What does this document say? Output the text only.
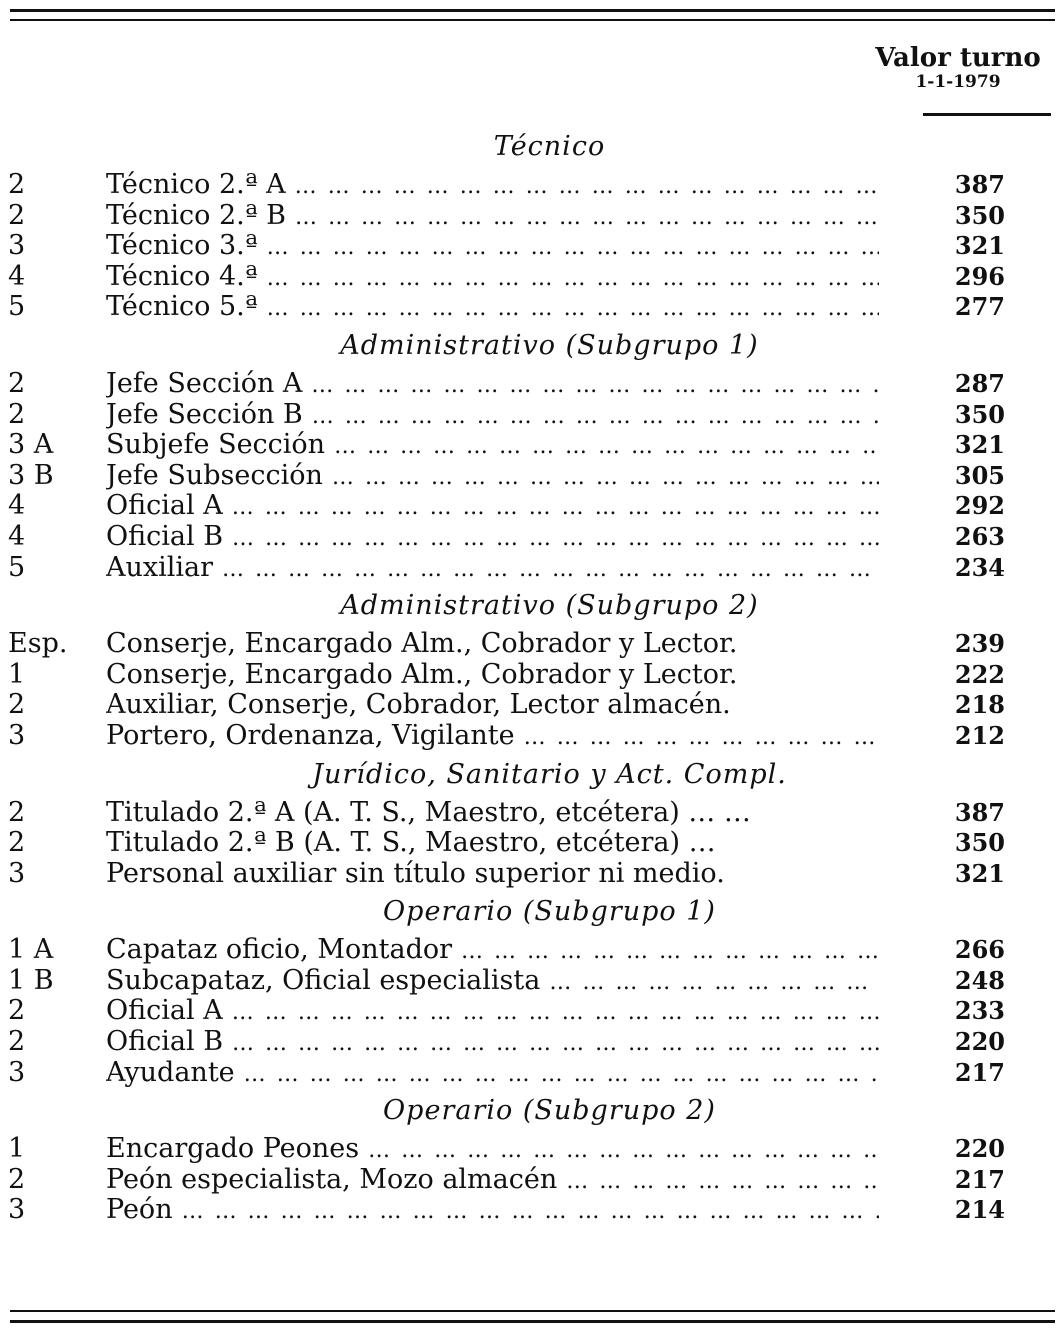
Valor turno
1-1-1979
Técnico
2	Técnico 2.ª A … … … … … … … … … … … … … … … … … … … … … … … … … … … … … … … … …	387
2	Técnico 2.ª B … … … … … … … … … … … … … … … … … … … … … … … … … … … … … … … … …	350
3	Técnico 3.ª … … … … … … … … … … … … … … … … … … … … … … … … … … … … … … … … …	321
4	Técnico 4.ª … … … … … … … … … … … … … … … … … … … … … … … … … … … … … … … … …	296
5	Técnico 5.ª … … … … … … … … … … … … … … … … … … … … … … … … … … … … … … … … …	277
Administrativo (Subgrupo 1)
2	Jefe Sección A … … … … … … … … … … … … … … … … … … … … … … … … … … … … … … … … …	287
2	Jefe Sección B … … … … … … … … … … … … … … … … … … … … … … … … … … … … … … … … …	350
3 A	Subjefe Sección … … … … … … … … … … … … … … … … … … … … … … … … … … … … … … … … …	321
3 B	Jefe Subsección … … … … … … … … … … … … … … … … … … … … … … … … … … … … … … … … …	305
4	Oficial A … … … … … … … … … … … … … … … … … … … … … … … … … … … … … … … … …	292
4	Oficial B … … … … … … … … … … … … … … … … … … … … … … … … … … … … … … … … …	263
5	Auxiliar … … … … … … … … … … … … … … … … … … … … … … … … … … … … … … … … …	234
Administrativo (Subgrupo 2)
Esp.	Conserje, Encargado Alm., Cobrador y Lector.	239
1	Conserje, Encargado Alm., Cobrador y Lector.	222
2	Auxiliar, Conserje, Cobrador, Lector almacén.	218
3	Portero, Ordenanza, Vigilante … … … … … … … … … … … … … … … … … … … … … … … … … … … … … … … … …	212
Jurídico, Sanitario y Act. Compl.
2	Titulado 2.ª A (A. T. S., Maestro, etcétera) … …	387
2	Titulado 2.ª B (A. T. S., Maestro, etcétera) …	350
3	Personal auxiliar sin título superior ni medio.	321
Operario (Subgrupo 1)
1 A	Capataz oficio, Montador … … … … … … … … … … … … … … … … … … … … … … … … … … … … … … … … …	266
1 B	Subcapataz, Oficial especialista … … … … … … … … … … … … … … … … … … … … … … … … … … … … … … … … …	248
2	Oficial A … … … … … … … … … … … … … … … … … … … … … … … … … … … … … … … … …	233
2	Oficial B … … … … … … … … … … … … … … … … … … … … … … … … … … … … … … … … …	220
3	Ayudante … … … … … … … … … … … … … … … … … … … … … … … … … … … … … … … … …	217
Operario (Subgrupo 2)
1	Encargado Peones … … … … … … … … … … … … … … … … … … … … … … … … … … … … … … … … …	220
2	Peón especialista, Mozo almacén … … … … … … … … … … … … … … … … … … … … … … … … … … … … … … … … …	217
3	Peón … … … … … … … … … … … … … … … … … … … … … … … … … … … … … … … … …	214
